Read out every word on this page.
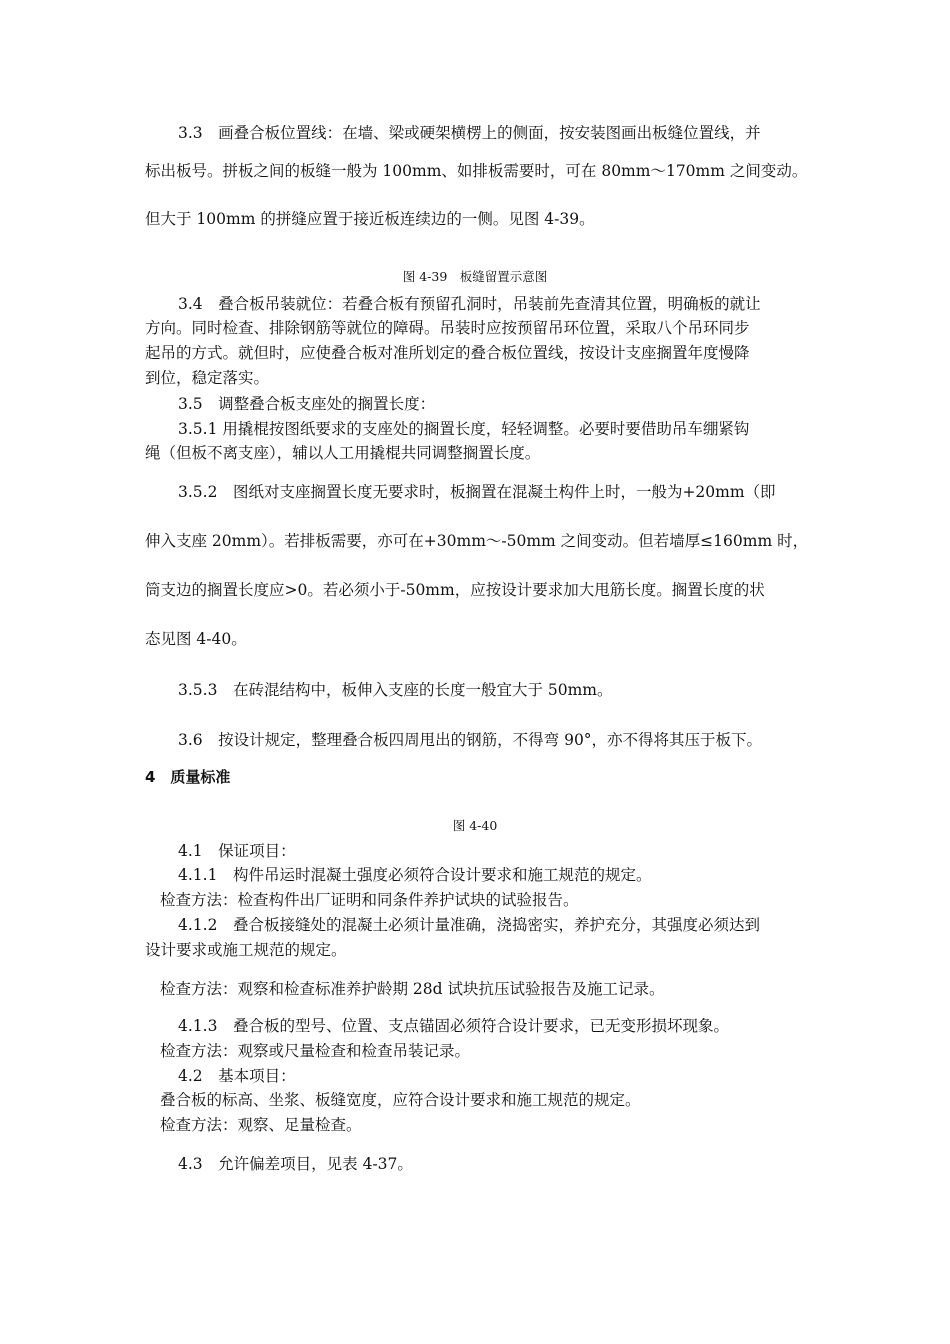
3.3　画叠合板位置线：在墙、梁或硬架横楞上的侧面，按安装图画出板缝位置线，并
标出板号。拼板之间的板缝一般为 100mm、如排板需要时，可在 80mm～170mm 之间变动。
但大于 100mm 的拼缝应置于接近板连续边的一侧。见图 4-39。
图 4-39　板缝留置示意图
3.4　叠合板吊装就位：若叠合板有预留孔洞时，吊装前先查清其位置，明确板的就让
方向。同时检查、排除钢筋等就位的障碍。吊装时应按预留吊环位置，采取八个吊环同步
起吊的方式。就但时，应使叠合板对准所划定的叠合板位置线，按设计支座搁置年度慢降
到位，稳定落实。
3.5　调整叠合板支座处的搁置长度：
3.5.1 用撬棍按图纸要求的支座处的搁置长度，轻轻调整。必要时要借助吊车绷紧钩
绳（但板不离支座），辅以人工用撬棍共同调整搁置长度。
3.5.2　图纸对支座搁置长度无要求时，板搁置在混凝土构件上时，一般为+20mm（即
伸入支座 20mm）。若排板需要，亦可在+30mm～-50mm 之间变动。但若墙厚≤160mm 时，
筒支边的搁置长度应>0。若必须小于-50mm，应按设计要求加大甩筋长度。搁置长度的状
态见图 4-40。
3.5.3　在砖混结构中，板伸入支座的长度一般宜大于 50mm。
3.6　按设计规定，整理叠合板四周甩出的钢筋，不得弯 90°，亦不得将其压于板下。
4　质量标准
图 4-40
4.1　保证项目：
4.1.1　构件吊运时混凝土强度必须符合设计要求和施工规范的规定。
检查方法：检查构件出厂证明和同条件养护试块的试验报告。
4.1.2　叠合板接缝处的混凝土必须计量准确，浇捣密实，养护充分，其强度必须达到
设计要求或施工规范的规定。
检查方法：观察和检查标准养护龄期 28d 试块抗压试验报告及施工记录。
4.1.3　叠合板的型号、位置、支点锚固必须符合设计要求，已无变形损坏现象。
检查方法：观察或尺量检查和检查吊装记录。
4.2　基本项目：
叠合板的标高、坐浆、板缝宽度，应符合设计要求和施工规范的规定。
检查方法：观察、足量检查。
4.3　允许偏差项目，见表 4-37。
